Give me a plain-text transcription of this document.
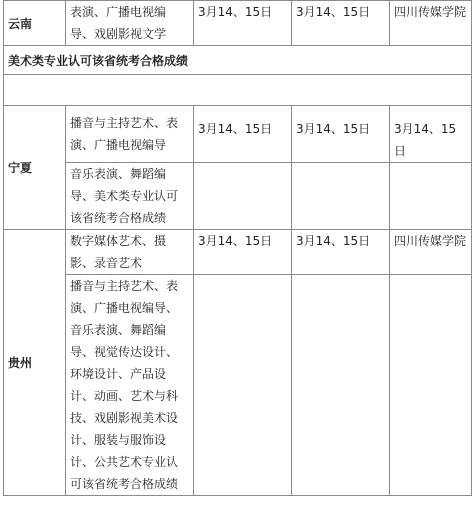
云南	表演、广播电视编导、戏剧影视文学	3月14、15日	3月14、15日	四川传媒学院
美术类专业认可该省统考合格成绩				

宁夏	播音与主持艺术、表演、广播电视编导	3月14、15日	3月14、15日	3月14、15日
	音乐表演、舞蹈编导、美术类专业认可该省统考合格成绩			
贵州	数字媒体艺术、摄影、录音艺术	3月14、15日	3月14、15日	四川传媒学院
	播音与主持艺术、表演、广播电视编导、音乐表演、舞蹈编导、视觉传达设计、环境设计、产品设计、动画、艺术与科技、戏剧影视美术设计、服装与服饰设计、公共艺术专业认可该省统考合格成绩			
